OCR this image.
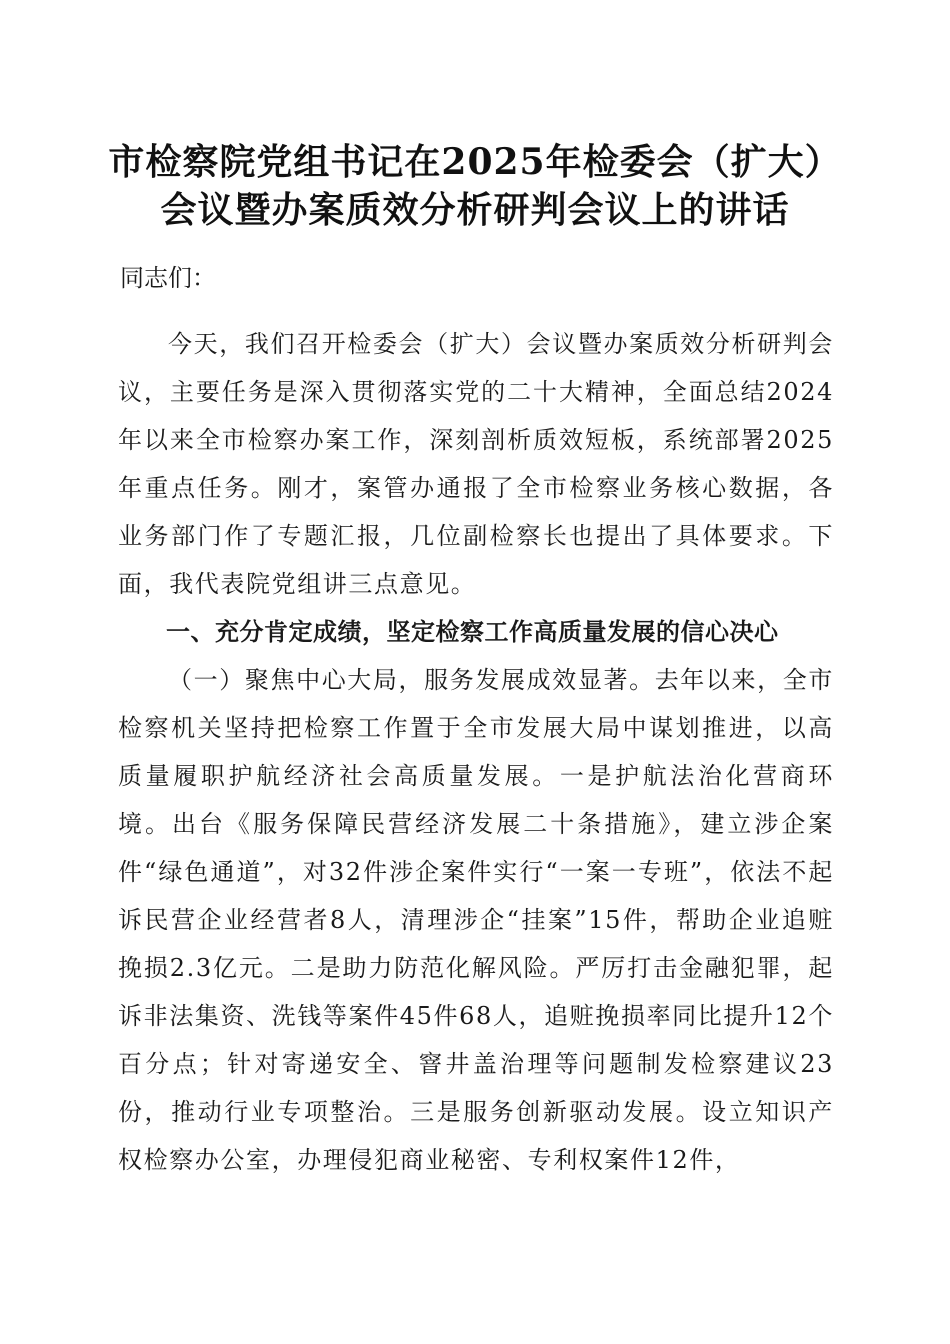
市检察院党组书记在2025年检委会（扩大）
会议暨办案质效分析研判会议上的讲话

同志们：

今天，我们召开检委会（扩大）会议暨办案质效分析研判会议，主要任务是深入贯彻落实党的二十大精神，全面总结2024年以来全市检察办案工作，深刻剖析质效短板，系统部署2025年重点任务。刚才，案管办通报了全市检察业务核心数据，各业务部门作了专题汇报，几位副检察长也提出了具体要求。下面，我代表院党组讲三点意见。

一、充分肯定成绩，坚定检察工作高质量发展的信心决心

（一）聚焦中心大局，服务发展成效显著。去年以来，全市检察机关坚持把检察工作置于全市发展大局中谋划推进，以高质量履职护航经济社会高质量发展。一是护航法治化营商环境。出台《服务保障民营经济发展二十条措施》，建立涉企案件“绿色通道”，对32件涉企案件实行“一案一专班”，依法不起诉民营企业经营者8人，清理涉企“挂案”15件，帮助企业追赃挽损2.3亿元。二是助力防范化解风险。严厉打击金融犯罪，起诉非法集资、洗钱等案件45件68人，追赃挽损率同比提升12个百分点；针对寄递安全、窨井盖治理等问题制发检察建议23份，推动行业专项整治。三是服务创新驱动发展。设立知识产权检察办公室，办理侵犯商业秘密、专利权案件12件，
